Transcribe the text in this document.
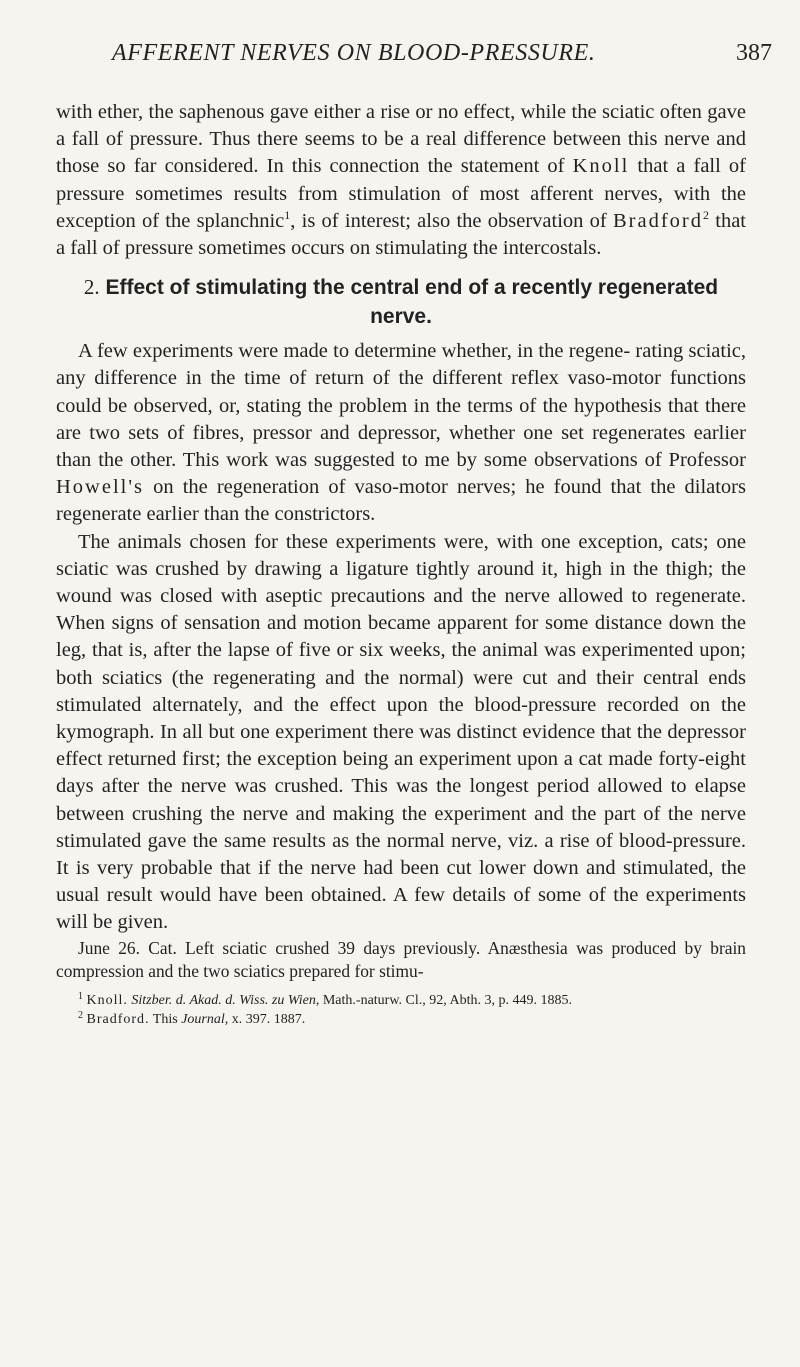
AFFERENT NERVES ON BLOOD-PRESSURE.	387

with ether, the saphenous gave either a rise or no effect, while the sciatic often gave a fall of pressure. Thus there seems to be a real difference between this nerve and those so far considered. In this connection the statement of Knoll that a fall of pressure sometimes results from stimulation of most afferent nerves, with the exception of the splanchnic$^1$, is of interest; also the observation of Bradford$^2$ that a fall of pressure sometimes occurs on stimulating the intercostals.

2. Effect of stimulating the central end of a recently regenerated nerve.

A few experiments were made to determine whether, in the regene- rating sciatic, any difference in the time of return of the different reflex vaso-motor functions could be observed, or, stating the problem in the terms of the hypothesis that there are two sets of fibres, pressor and depressor, whether one set regenerates earlier than the other. This work was suggested to me by some observations of Professor Howell's on the regeneration of vaso-motor nerves; he found that the dilators regenerate earlier than the constrictors.

The animals chosen for these experiments were, with one exception, cats; one sciatic was crushed by drawing a ligature tightly around it, high in the thigh; the wound was closed with aseptic precautions and the nerve allowed to regenerate. When signs of sensation and motion became apparent for some distance down the leg, that is, after the lapse of five or six weeks, the animal was experimented upon; both sciatics (the regenerating and the normal) were cut and their central ends stimulated alternately, and the effect upon the blood-pressure recorded on the kymograph. In all but one experiment there was distinct evidence that the depressor effect returned first; the exception being an experiment upon a cat made forty-eight days after the nerve was crushed. This was the longest period allowed to elapse between crushing the nerve and making the experiment and the part of the nerve stimulated gave the same results as the normal nerve, viz. a rise of blood-pressure. It is very probable that if the nerve had been cut lower down and stimulated, the usual result would have been obtained. A few details of some of the experiments will be given.

June 26. Cat. Left sciatic crushed 39 days previously. Anæsthesia was produced by brain compression and the two sciatics prepared for stimu-

$^1$ Knoll. Sitzber. d. Akad. d. Wiss. zu Wien, Math.-naturw. Cl., 92, Abth. 3, p. 449. 1885.
$^2$ Bradford. This Journal, x. 397. 1887.
